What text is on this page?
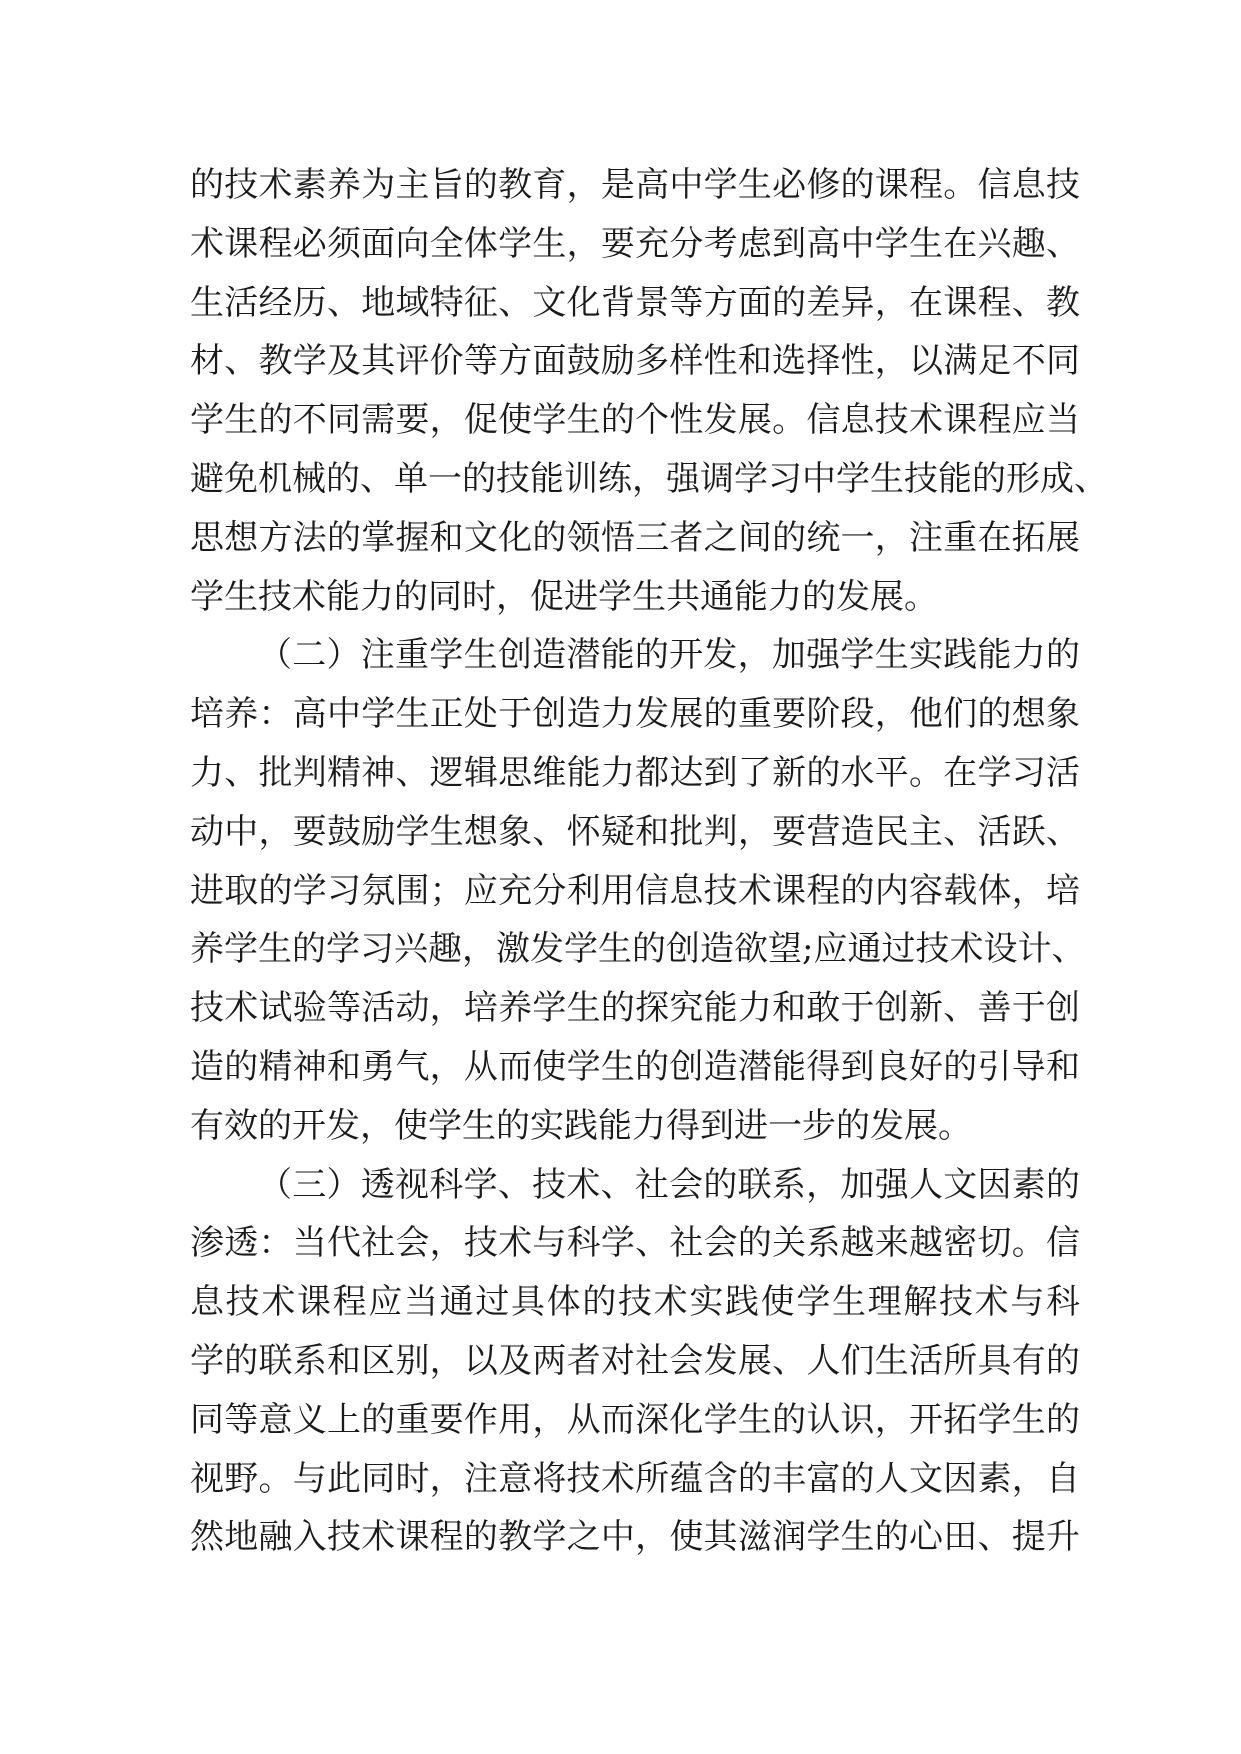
的技术素养为主旨的教育，是高中学生必修的课程。信息技
术课程必须面向全体学生，要充分考虑到高中学生在兴趣、
生活经历、地域特征、文化背景等方面的差异，在课程、教
材、教学及其评价等方面鼓励多样性和选择性，以满足不同
学生的不同需要，促使学生的个性发展。信息技术课程应当
避免机械的、单一的技能训练，强调学习中学生技能的形成、
思想方法的掌握和文化的领悟三者之间的统一，注重在拓展
学生技术能力的同时，促进学生共通能力的发展。
（二）注重学生创造潜能的开发，加强学生实践能力的
培养：高中学生正处于创造力发展的重要阶段，他们的想象
力、批判精神、逻辑思维能力都达到了新的水平。在学习活
动中，要鼓励学生想象、怀疑和批判，要营造民主、活跃、
进取的学习氛围；应充分利用信息技术课程的内容载体，培
养学生的学习兴趣，激发学生的创造欲望;应通过技术设计、
技术试验等活动，培养学生的探究能力和敢于创新、善于创
造的精神和勇气，从而使学生的创造潜能得到良好的引导和
有效的开发，使学生的实践能力得到进一步的发展。
（三）透视科学、技术、社会的联系，加强人文因素的
渗透：当代社会，技术与科学、社会的关系越来越密切。信
息技术课程应当通过具体的技术实践使学生理解技术与科
学的联系和区别，以及两者对社会发展、人们生活所具有的
同等意义上的重要作用，从而深化学生的认识，开拓学生的
视野。与此同时，注意将技术所蕴含的丰富的人文因素，自
然地融入技术课程的教学之中，使其滋润学生的心田、提升
